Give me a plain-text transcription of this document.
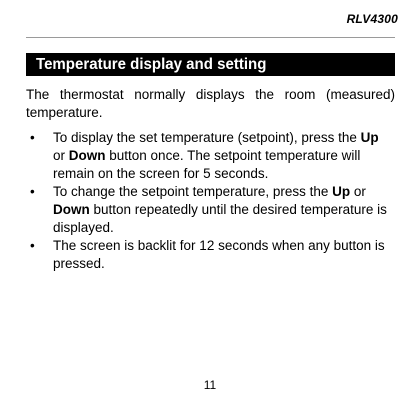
RLV4300
Temperature display and setting

The thermostat normally displays the room (measured) temperature.

• To display the set temperature (setpoint), press the Up or Down button once. The setpoint temperature will remain on the screen for 5 seconds.
• To change the setpoint temperature, press the Up or Down button repeatedly until the desired temperature is displayed.
• The screen is backlit for 12 seconds when any button is pressed.
11
